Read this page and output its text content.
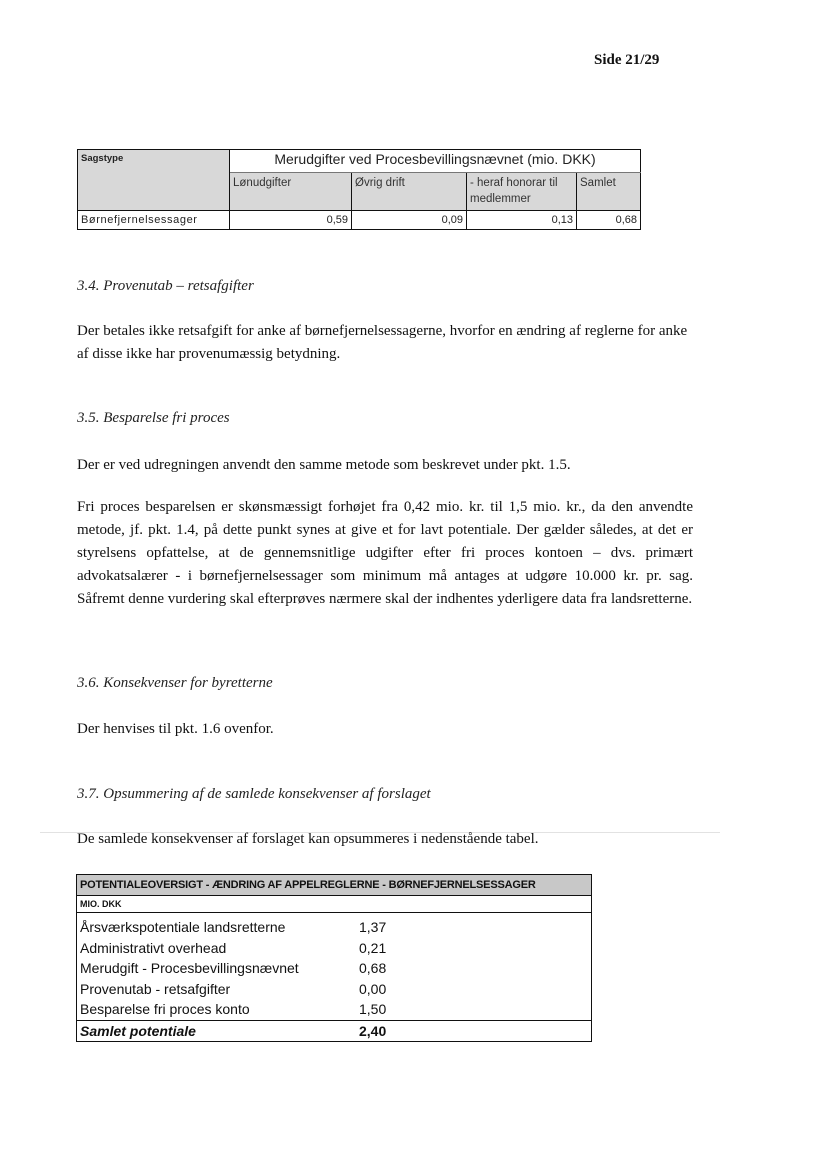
Side 21/29
Sagstype	Merudgifter ved Procesbevillingsnævnet (mio. DKK)			
	Lønudgifter	Øvrig drift	- heraf honorar til medlemmer	Samlet
Børnefjernelsessager	0,59	0,09	0,13	0,68
3.4. Provenutab – retsafgifter
Der betales ikke retsafgift for anke af børnefjernelsessagerne, hvorfor en ændring af reglerne for anke af disse ikke har provenumæssig betydning.
3.5. Besparelse fri proces
Der er ved udregningen anvendt den samme metode som beskrevet under pkt. 1.5.
Fri proces besparelsen er skønsmæssigt forhøjet fra 0,42 mio. kr. til 1,5 mio. kr., da den anvendte metode, jf. pkt. 1.4, på dette punkt synes at give et for lavt potentiale. Der gælder således, at det er styrelsens opfattelse, at de gennemsnitlige udgifter efter fri proces kontoen – dvs. primært advokatsalærer - i børnefjernelsessager som minimum må antages at udgøre 10.000 kr. pr. sag. Såfremt denne vurdering skal efterprøves nærmere skal der indhentes yderligere data fra landsretterne.
3.6. Konsekvenser for byretterne
Der henvises til pkt. 1.6 ovenfor.
3.7. Opsummering af de samlede konsekvenser af forslaget
De samlede konsekvenser af forslaget kan opsummeres i nedenstående tabel.
POTENTIALEOVERSIGT - ÆNDRING AF APPELREGLERNE - BØRNEFJERNELSESSAGER		
MIO. DKK		
Årsværkspotentiale landsretterne	1,37	
Administrativt overhead	0,21	
Merudgift - Procesbevillingsnævnet	0,68	
Provenutab - retsafgifter	0,00	
Besparelse fri proces konto	1,50	
Samlet potentiale	2,40	
